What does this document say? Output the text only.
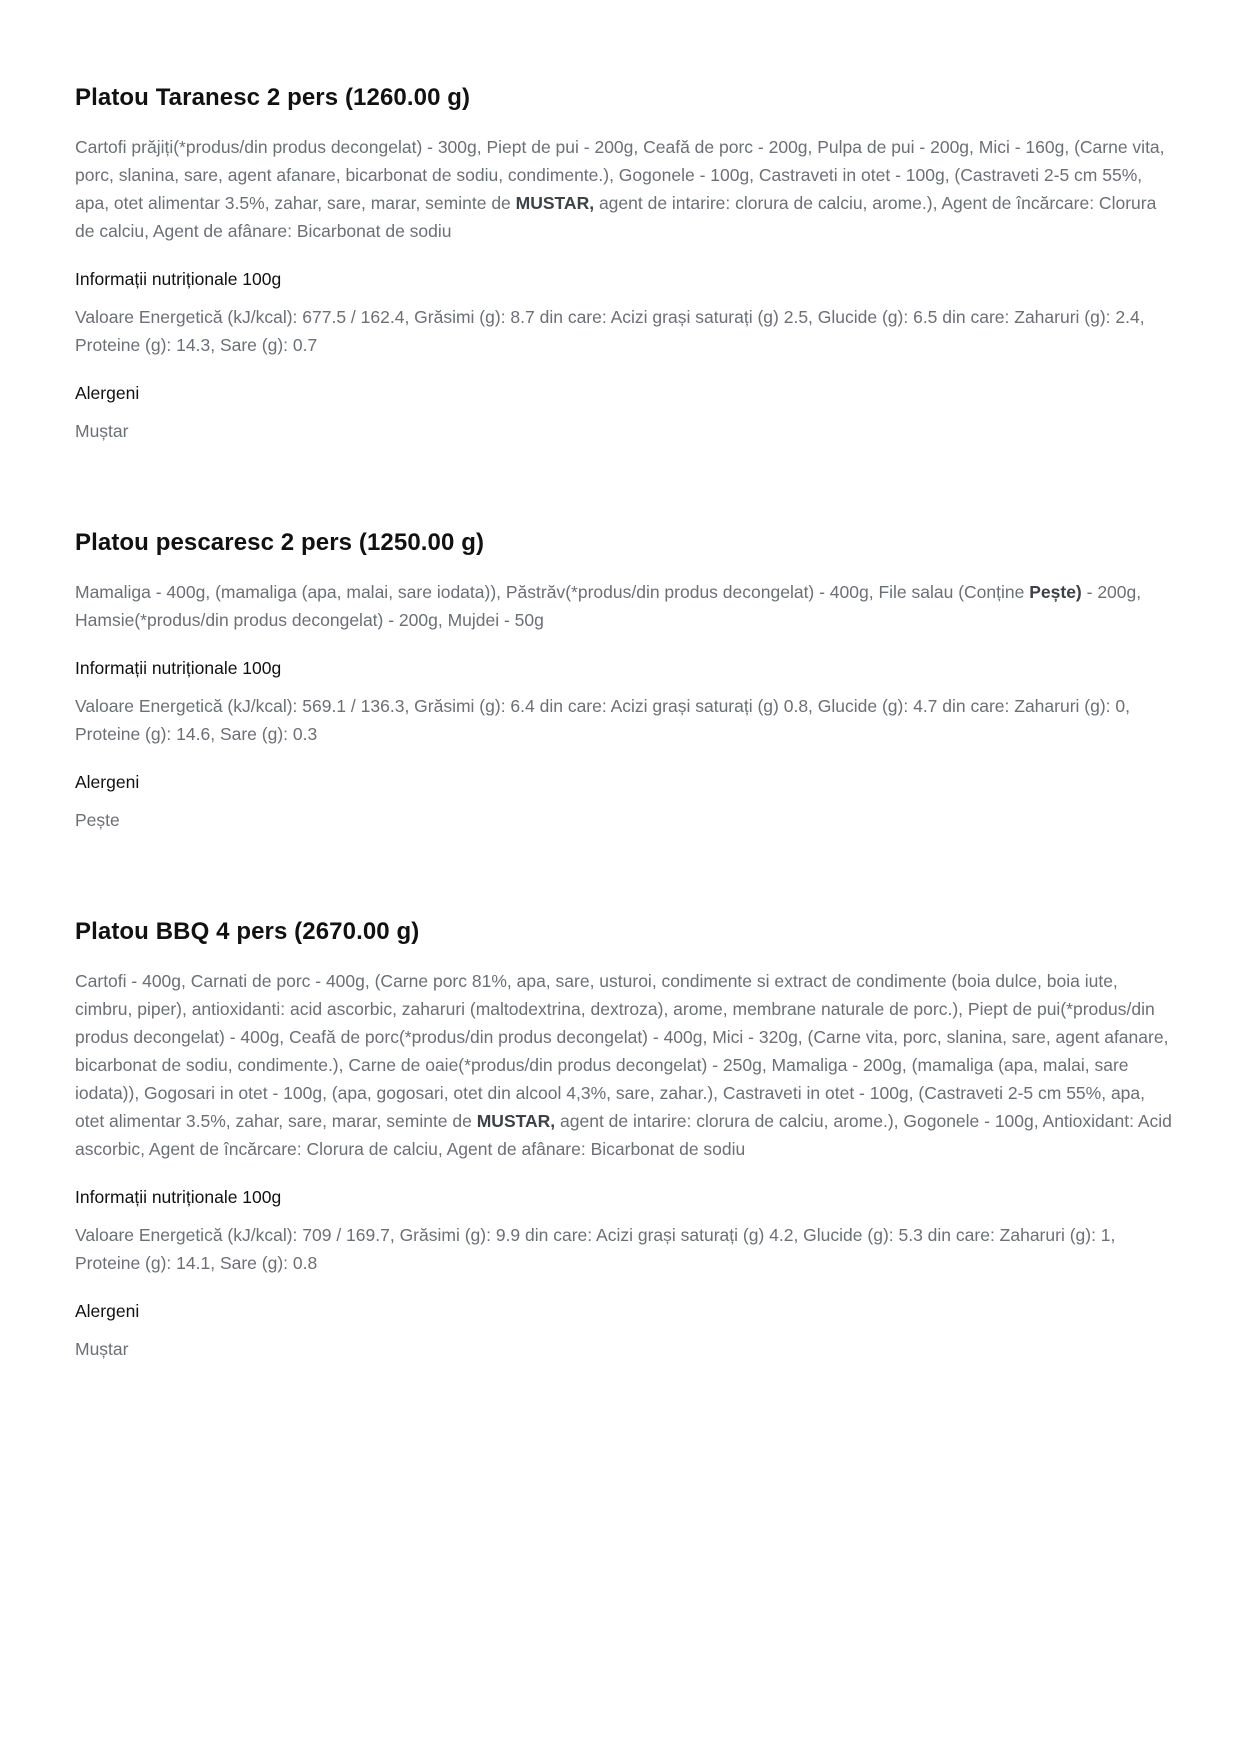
Platou Taranesc 2 pers (1260.00 g)

Cartofi prăjiți(*produs/din produs decongelat) - 300g, Piept de pui - 200g, Ceafă de porc - 200g, Pulpa de pui - 200g, Mici - 160g, (Carne vita, porc, slanina, sare, agent afanare, bicarbonat de sodiu, condimente.), Gogonele - 100g, Castraveti in otet - 100g, (Castraveti 2-5 cm 55%, apa, otet alimentar 3.5%, zahar, sare, marar, seminte de MUSTAR, agent de intarire: clorura de calciu, arome.), Agent de încărcare: Clorura de calciu, Agent de afânare: Bicarbonat de sodiu

Informații nutriționale 100g
Valoare Energetică (kJ/kcal): 677.5 / 162.4, Grăsimi (g): 8.7 din care: Acizi grași saturați (g) 2.5, Glucide (g): 6.5 din care: Zaharuri (g): 2.4, Proteine (g): 14.3, Sare (g): 0.7
Alergeni
Muștar
Platou pescaresc 2 pers (1250.00 g)

Mamaliga - 400g, (mamaliga (apa, malai, sare iodata)), Păstrăv(*produs/din produs decongelat) - 400g, File salau (Conține Pește) - 200g, Hamsie(*produs/din produs decongelat) - 200g, Mujdei - 50g

Informații nutriționale 100g
Valoare Energetică (kJ/kcal): 569.1 / 136.3, Grăsimi (g): 6.4 din care: Acizi grași saturați (g) 0.8, Glucide (g): 4.7 din care: Zaharuri (g): 0, Proteine (g): 14.6, Sare (g): 0.3
Alergeni
Pește
Platou BBQ 4 pers (2670.00 g)

Cartofi - 400g, Carnati de porc - 400g, (Carne porc 81%, apa, sare, usturoi, condimente si extract de condimente (boia dulce, boia iute, cimbru, piper), antioxidanti: acid ascorbic, zaharuri (maltodextrina, dextroza), arome, membrane naturale de porc.), Piept de pui(*produs/din produs decongelat) - 400g, Ceafă de porc(*produs/din produs decongelat) - 400g, Mici - 320g, (Carne vita, porc, slanina, sare, agent afanare, bicarbonat de sodiu, condimente.), Carne de oaie(*produs/din produs decongelat) - 250g, Mamaliga - 200g, (mamaliga (apa, malai, sare iodata)), Gogosari in otet - 100g, (apa, gogosari, otet din alcool 4,3%, sare, zahar.), Castraveti in otet - 100g, (Castraveti 2-5 cm 55%, apa, otet alimentar 3.5%, zahar, sare, marar, seminte de MUSTAR, agent de intarire: clorura de calciu, arome.), Gogonele - 100g, Antioxidant: Acid ascorbic, Agent de încărcare: Clorura de calciu, Agent de afânare: Bicarbonat de sodiu

Informații nutriționale 100g
Valoare Energetică (kJ/kcal): 709 / 169.7, Grăsimi (g): 9.9 din care: Acizi grași saturați (g) 4.2, Glucide (g): 5.3 din care: Zaharuri (g): 1, Proteine (g): 14.1, Sare (g): 0.8
Alergeni
Muștar
